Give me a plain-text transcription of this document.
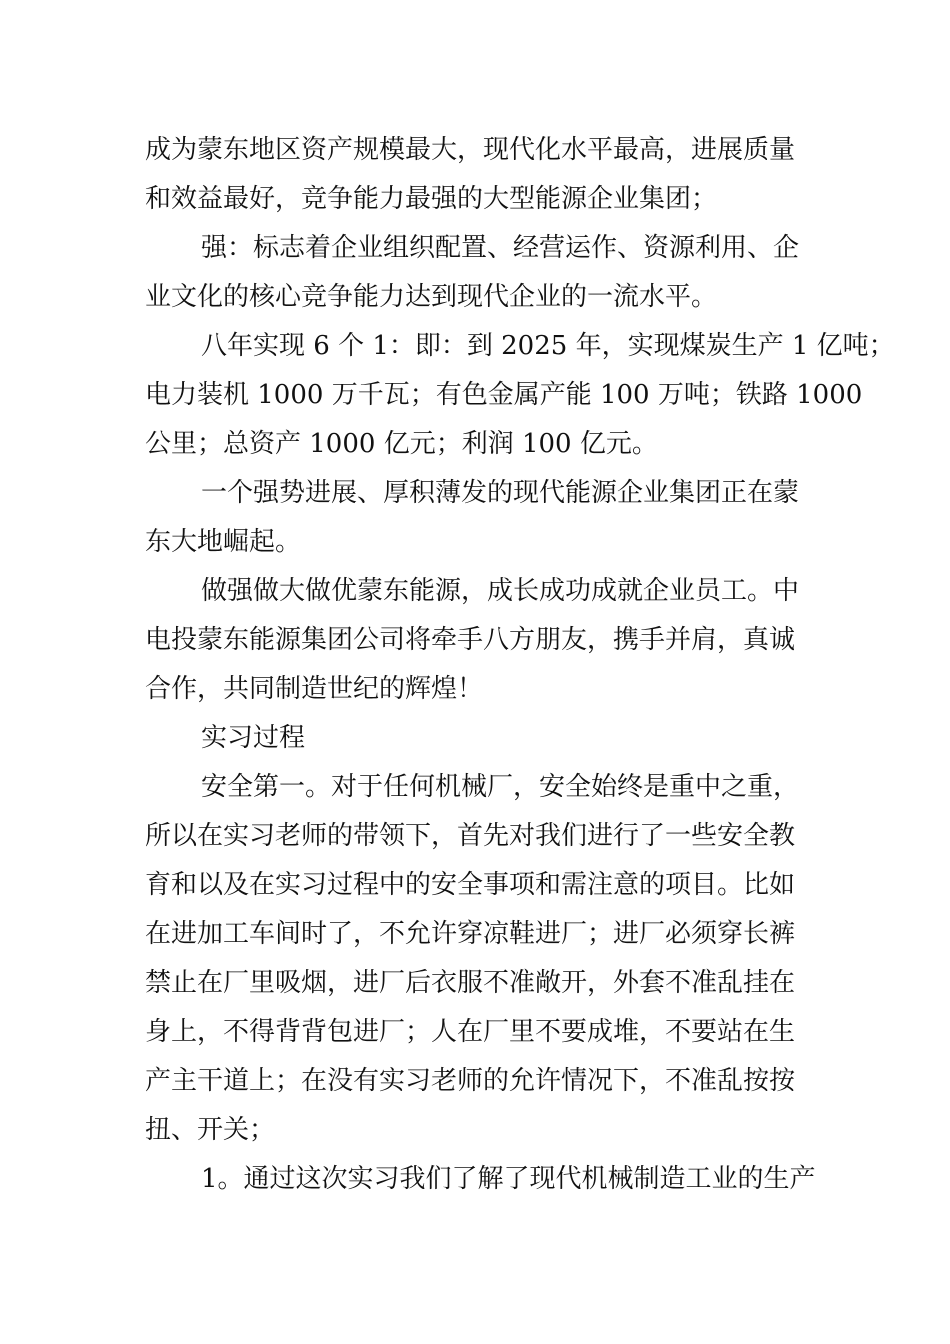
成为蒙东地区资产规模最大，现代化水平最高，进展质量
和效益最好，竞争能力最强的大型能源企业集团；
强：标志着企业组织配置、经营运作、资源利用、企
业文化的核心竞争能力达到现代企业的一流水平。
八年实现 6 个 1：即：到 2025 年，实现煤炭生产 1 亿吨；
电力装机 1000 万千瓦；有色金属产能 100 万吨；铁路 1000
公里；总资产 1000 亿元；利润 100 亿元。
一个强势进展、厚积薄发的现代能源企业集团正在蒙
东大地崛起。
做强做大做优蒙东能源，成长成功成就企业员工。中
电投蒙东能源集团公司将牵手八方朋友，携手并肩，真诚
合作，共同制造世纪的辉煌！
实习过程
安全第一。对于任何机械厂，安全始终是重中之重，
所以在实习老师的带领下，首先对我们进行了一些安全教
育和以及在实习过程中的安全事项和需注意的项目。比如
在进加工车间时了，不允许穿凉鞋进厂；进厂必须穿长裤
禁止在厂里吸烟，进厂后衣服不准敞开，外套不准乱挂在
身上，不得背背包进厂；人在厂里不要成堆，不要站在生
产主干道上；在没有实习老师的允许情况下，不准乱按按
扭、开关；
1。通过这次实习我们了解了现代机械制造工业的生产
